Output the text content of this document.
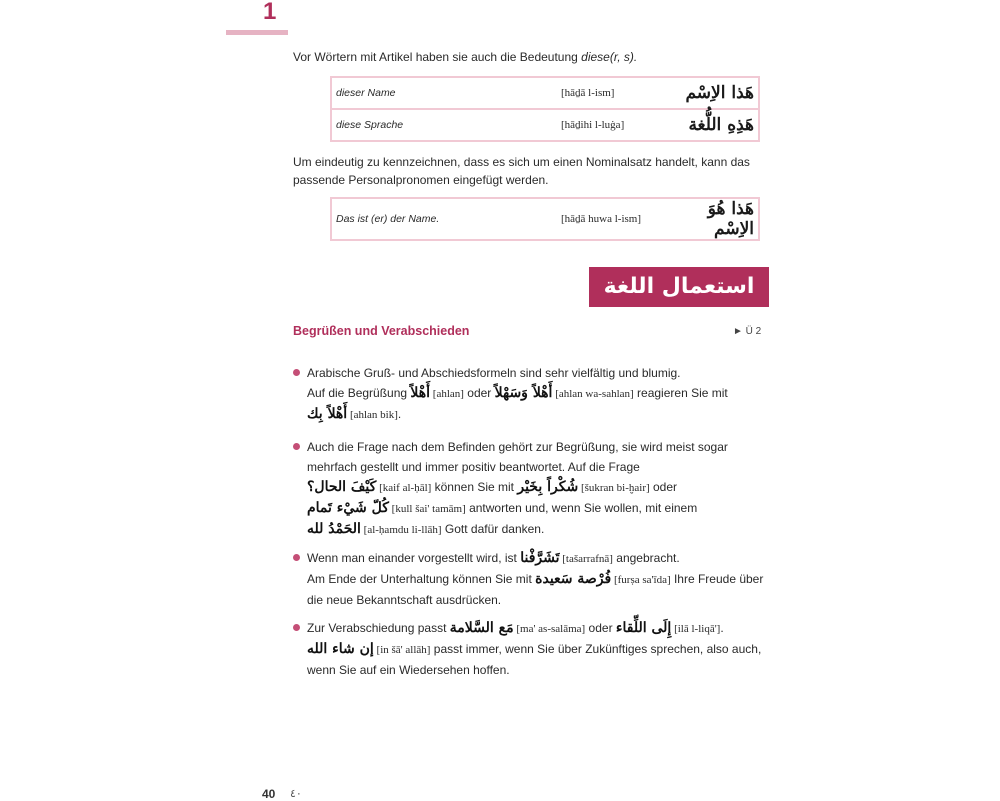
1
Vor Wörtern mit Artikel haben sie auch die Bedeutung diese(r, s).
dieser Name	[hāḏā l-ism]	هَذا الاِسْم
diese Sprache	[hāḏihi l-luġa]	هَذِهِ اللُّغة
Um eindeutig zu kennzeichnen, dass es sich um einen Nominalsatz handelt, kann das passende Personalpronomen eingefügt werden.
Das ist (er) der Name.	[hāḏā huwa l-ism]	هَذا هُوَ الاِسْم
استعمال اللغة
Begrüßen und Verabschieden	► Ü 2
Arabische Gruß- und Abschiedsformeln sind sehr vielfältig und blumig.
Auf die Begrüßung أَهْلاً [ahlan] oder أَهْلاً وَسَهْلاً [ahlan wa-sahlan] reagieren Sie mit
أَهْلاً بِك [ahlan bik].
Auch die Frage nach dem Befinden gehört zur Begrüßung, sie wird meist sogar mehrfach gestellt und immer positiv beantwortet. Auf die Frage
كَيْفَ الحال؟ [kaif al-ḥāl] können Sie mit شُكْراً بِخَيْر [šukran bi-ḫair] oder
كُلّ شَيْء تَمام [kull šai' tamām] antworten und, wenn Sie wollen, mit einem
الحَمْدُ لله [al-ḥamdu li-llāh] Gott dafür danken.
Wenn man einander vorgestellt wird, ist تَشَرَّفْنا [tašarrafnā] angebracht.
Am Ende der Unterhaltung können Sie mit فُرْصة سَعيدة [furṣa sa'īda] Ihre Freude über die neue Bekanntschaft ausdrücken.
Zur Verabschiedung passt مَع السَّلامة [ma' as-salāma] oder إِلَى اللِّقاء [ilā l-liqā'].
إن شاء الله [in šā' allāh] passt immer, wenn Sie über Zukünftiges sprechen, also auch, wenn Sie auf ein Wiedersehen hoffen.
40 ٤٠
